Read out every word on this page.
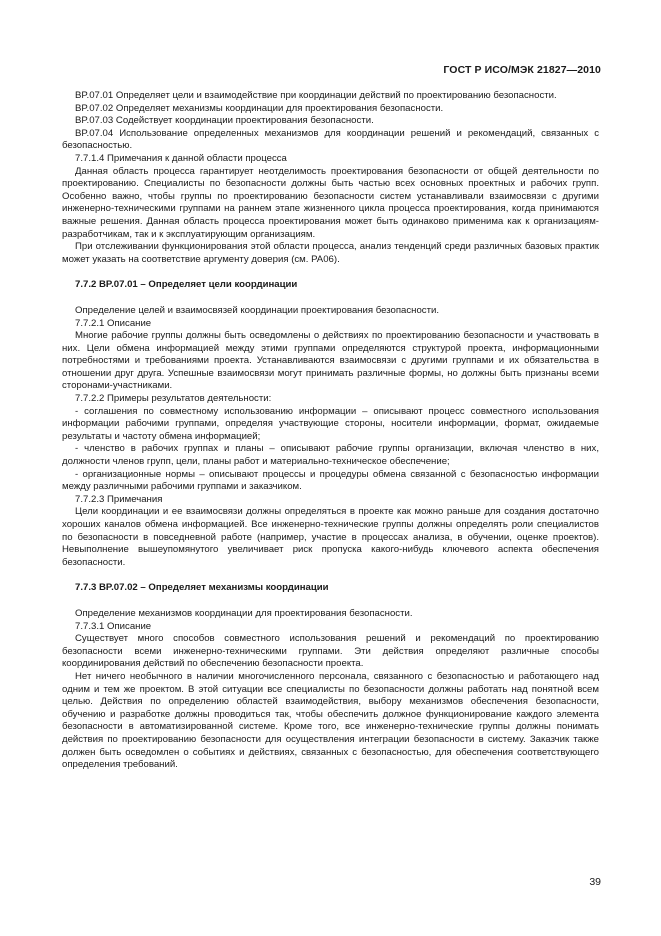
ГОСТ Р ИСО/МЭК 21827—2010

BP.07.01 Определяет цели и взаимодействие при координации действий по проектированию безопасности.

BP.07.02 Определяет механизмы координации для проектирования безопасности.

BP.07.03 Содействует координации проектирования безопасности.

BP.07.04 Использование определенных механизмов для координации решений и рекомендаций, связанных с безопасностью.

7.7.1.4 Примечания к данной области процесса

Данная область процесса гарантирует неотделимость проектирования безопасности от общей деятельности по проектированию. Специалисты по безопасности должны быть частью всех основных проектных и рабочих групп. Особенно важно, чтобы группы по проектированию безопасности систем устанавливали взаимосвязи с другими инженерно-техническими группами на раннем этапе жизненного цикла процесса проектирования, когда принимаются важные решения. Данная область процесса проектирования может быть одинаково применима как к организациям-разработчикам, так и к эксплуатирующим организациям.

При отслеживании функционирования этой области процесса, анализ тенденций среди различных базовых практик может указать на соответствие аргументу доверия (см. PA06).

7.7.2 BP.07.01 – Определяет цели координации

Определение целей и взаимосвязей координации проектирования безопасности.

7.7.2.1 Описание

Многие рабочие группы должны быть осведомлены о действиях по проектированию безопасности и участвовать в них. Цели обмена информацией между этими группами определяются структурой проекта, информационными потребностями и требованиями проекта. Устанавливаются взаимосвязи с другими группами и их обязательства в отношении друг друга. Успешные взаимосвязи могут принимать различные формы, но должны быть признаны всеми сторонами-участниками.

7.7.2.2 Примеры результатов деятельности:

- соглашения по совместному использованию информации – описывают процесс совместного использования информации рабочими группами, определяя участвующие стороны, носители информации, формат, ожидаемые результаты и частоту обмена информацией;

- членство в рабочих группах и планы – описывают рабочие группы организации, включая членство в них, должности членов групп, цели, планы работ и материально-техническое обеспечение;

- организационные нормы – описывают процессы и процедуры обмена связанной с безопасностью информации между различными рабочими группами и заказчиком.

7.7.2.3 Примечания

Цели координации и ее взаимосвязи должны определяться в проекте как можно раньше для создания достаточно хороших каналов обмена информацией. Все инженерно-технические группы должны определять роли специалистов по безопасности в повседневной работе (например, участие в процессах анализа, в обучении, оценке проектов). Невыполнение вышеупомянутого увеличивает риск пропуска какого-нибудь ключевого аспекта обеспечения безопасности.

7.7.3 BP.07.02 – Определяет механизмы координации

Определение механизмов координации для проектирования безопасности.

7.7.3.1 Описание

Существует много способов совместного использования решений и рекомендаций по проектированию безопасности всеми инженерно-техническими группами. Эти действия определяют различные способы координирования действий по обеспечению безопасности проекта.

Нет ничего необычного в наличии многочисленного персонала, связанного с безопасностью и работающего над одним и тем же проектом. В этой ситуации все специалисты по безопасности должны работать над понятной всем целью. Действия по определению областей взаимодействия, выбору механизмов обеспечения безопасности, обучению и разработке должны проводиться так, чтобы обеспечить должное функционирование каждого элемента безопасности в автоматизированной системе. Кроме того, все инженерно-технические группы должны понимать действия по проектированию безопасности для осуществления интеграции безопасности в систему. Заказчик также должен быть осведомлен о событиях и действиях, связанных с безопасностью, для обеспечения соответствующего определения требований.

39
